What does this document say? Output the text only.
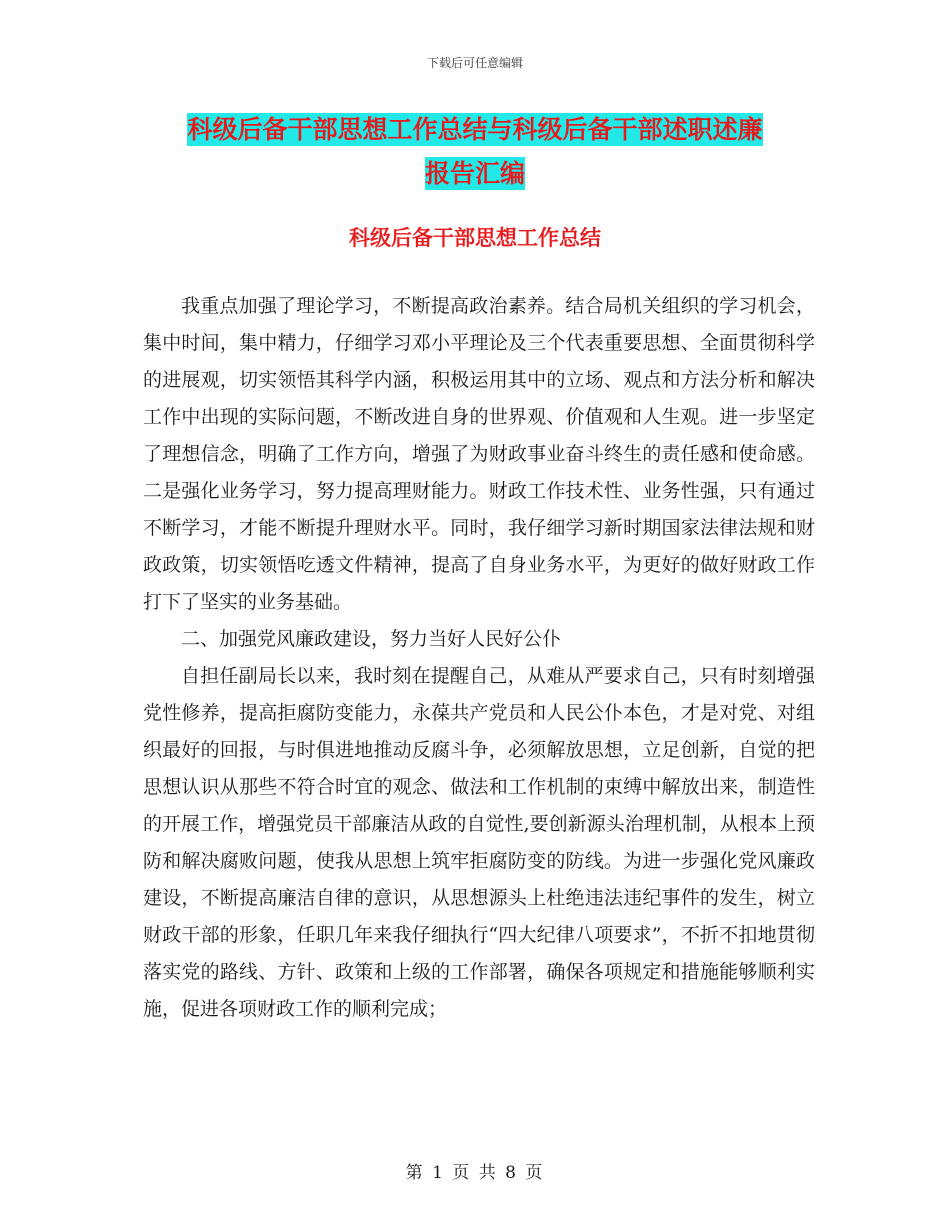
下载后可任意编辑
科级后备干部思想工作总结与科级后备干部述职述廉
报告汇编
科级后备干部思想工作总结

我重点加强了理论学习，不断提高政治素养。结合局机关组织的学习机会，集中时间，集中精力，仔细学习邓小平理论及三个代表重要思想、全面贯彻科学的进展观，切实领悟其科学内涵，积极运用其中的立场、观点和方法分析和解决工作中出现的实际问题，不断改进自身的世界观、价值观和人生观。进一步坚定了理想信念，明确了工作方向，增强了为财政事业奋斗终生的责任感和使命感。二是强化业务学习，努力提高理财能力。财政工作技术性、业务性强，只有通过不断学习，才能不断提升理财水平。同时，我仔细学习新时期国家法律法规和财政政策，切实领悟吃透文件精神，提高了自身业务水平，为更好的做好财政工作打下了坚实的业务基础。

二、加强党风廉政建设，努力当好人民好公仆

自担任副局长以来，我时刻在提醒自己，从难从严要求自己，只有时刻增强党性修养，提高拒腐防变能力，永葆共产党员和人民公仆本色，才是对党、对组织最好的回报，与时俱进地推动反腐斗争，必须解放思想，立足创新，自觉的把思想认识从那些不符合时宜的观念、做法和工作机制的束缚中解放出来，制造性的开展工作，增强党员干部廉洁从政的自觉性,要创新源头治理机制，从根本上预防和解决腐败问题，使我从思想上筑牢拒腐防变的防线。为进一步强化党风廉政建设，不断提高廉洁自律的意识，从思想源头上杜绝违法违纪事件的发生，树立财政干部的形象，任职几年来我仔细执行“四大纪律八项要求”，不折不扣地贯彻落实党的路线、方针、政策和上级的工作部署，确保各项规定和措施能够顺利实施，促进各项财政工作的顺利完成；

第 1 页 共 8 页
